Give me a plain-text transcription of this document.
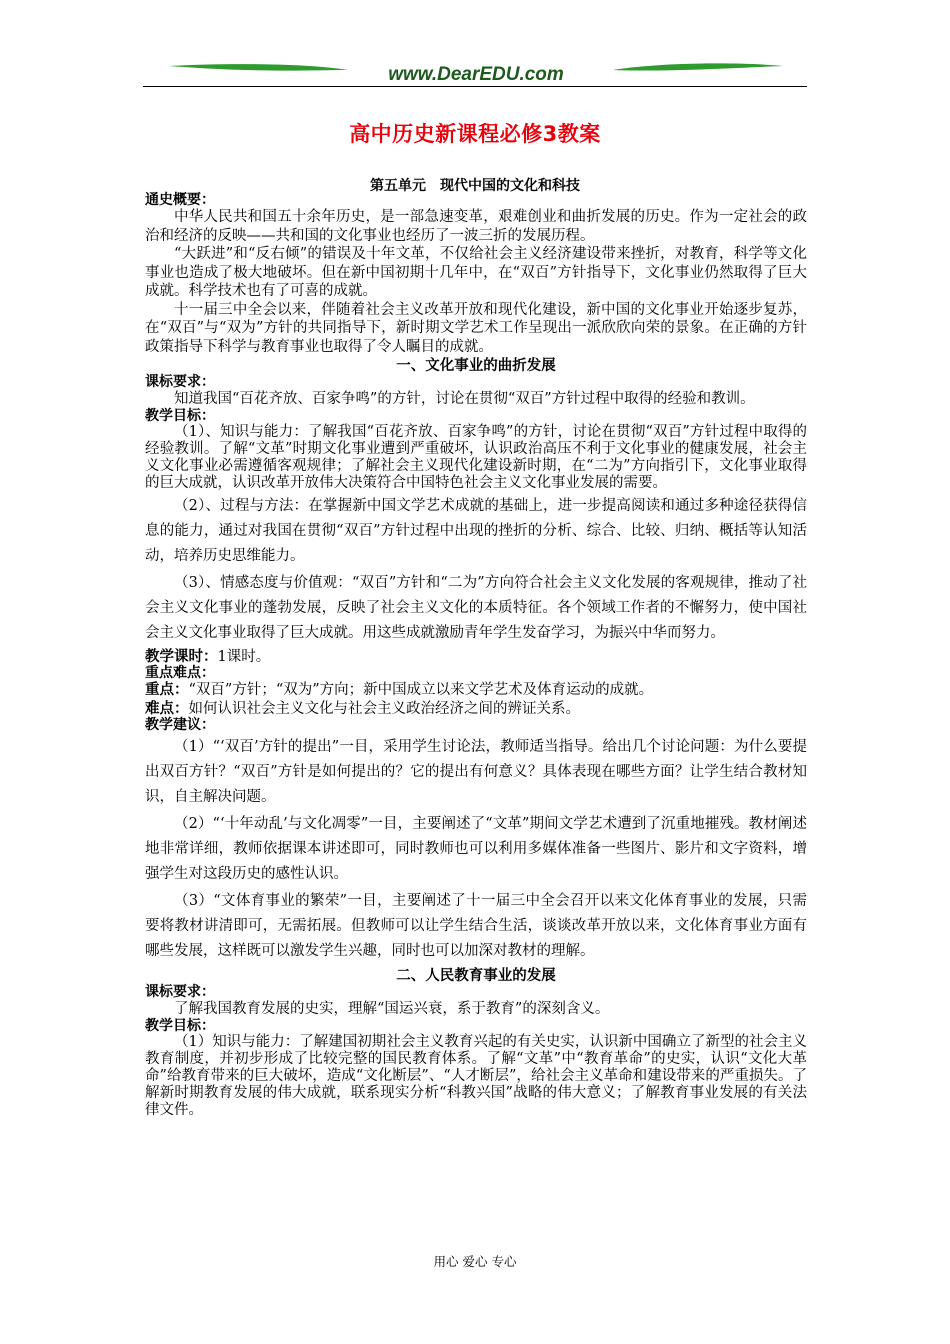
www.DearEDU.com
高中历史新课程必修3教案
第五单元　现代中国的文化和科技
通史概要：
中华人民共和国五十余年历史，是一部急速变革，艰难创业和曲折发展的历史。作为一定社会的政治和经济的反映——共和国的文化事业也经历了一波三折的发展历程。
“大跃进”和“反右倾”的错误及十年文革，不仅给社会主义经济建设带来挫折，对教育，科学等文化事业也造成了极大地破坏。但在新中国初期十几年中，在“双百”方针指导下，文化事业仍然取得了巨大成就。科学技术也有了可喜的成就。
十一届三中全会以来，伴随着社会主义改革开放和现代化建设，新中国的文化事业开始逐步复苏，在“双百”与“双为”方针的共同指导下，新时期文学艺术工作呈现出一派欣欣向荣的景象。在正确的方针政策指导下科学与教育事业也取得了令人瞩目的成就。
一、文化事业的曲折发展
课标要求：
知道我国“百花齐放、百家争鸣”的方针，讨论在贯彻“双百”方针过程中取得的经验和教训。
教学目标：
（1）、知识与能力：了解我国“百花齐放、百家争鸣”的方针，讨论在贯彻“双百”方针过程中取得的经验教训。了解“文革”时期文化事业遭到严重破坏，认识政治高压不利于文化事业的健康发展，社会主义文化事业必需遵循客观规律；了解社会主义现代化建设新时期，在“二为”方向指引下，文化事业取得的巨大成就，认识改革开放伟大决策符合中国特色社会主义文化事业发展的需要。
（2）、过程与方法：在掌握新中国文学艺术成就的基础上，进一步提高阅读和通过多种途径获得信息的能力，通过对我国在贯彻“双百”方针过程中出现的挫折的分析、综合、比较、归纳、概括等认知活动，培养历史思维能力。
（3）、情感态度与价值观：“双百”方针和“二为”方向符合社会主义文化发展的客观规律，推动了社会主义文化事业的蓬勃发展，反映了社会主义文化的本质特征。各个领域工作者的不懈努力，使中国社会主义文化事业取得了巨大成就。用这些成就激励青年学生发奋学习，为振兴中华而努力。
教学课时：1课时。
重点难点：
重点：“双百”方针；“双为”方向；新中国成立以来文学艺术及体育运动的成就。
难点：如何认识社会主义文化与社会主义政治经济之间的辨证关系。
教学建议：
（1）“‘双百’方针的提出”一目，采用学生讨论法，教师适当指导。给出几个讨论问题：为什么要提出双百方针？“双百”方针是如何提出的？它的提出有何意义？具体表现在哪些方面？让学生结合教材知识，自主解决问题。
（2）“‘十年动乱’与文化凋零”一目，主要阐述了“文革”期间文学艺术遭到了沉重地摧残。教材阐述地非常详细，教师依据课本讲述即可，同时教师也可以利用多媒体准备一些图片、影片和文字资料，增强学生对这段历史的感性认识。
（3）“文体育事业的繁荣”一目，主要阐述了十一届三中全会召开以来文化体育事业的发展，只需要将教材讲清即可，无需拓展。但教师可以让学生结合生活，谈谈改革开放以来，文化体育事业方面有哪些发展，这样既可以激发学生兴趣，同时也可以加深对教材的理解。
二、人民教育事业的发展
课标要求：
了解我国教育发展的史实，理解“国运兴衰，系于教育”的深刻含义。
教学目标：
（1）知识与能力：了解建国初期社会主义教育兴起的有关史实，认识新中国确立了新型的社会主义教育制度，并初步形成了比较完整的国民教育体系。了解“文革”中“教育革命”的史实，认识“文化大革命”给教育带来的巨大破坏，造成“文化断层”、“人才断层”，给社会主义革命和建设带来的严重损失。了解新时期教育发展的伟大成就，联系现实分析“科教兴国”战略的伟大意义；了解教育事业发展的有关法律文件。
用心 爱心 专心
